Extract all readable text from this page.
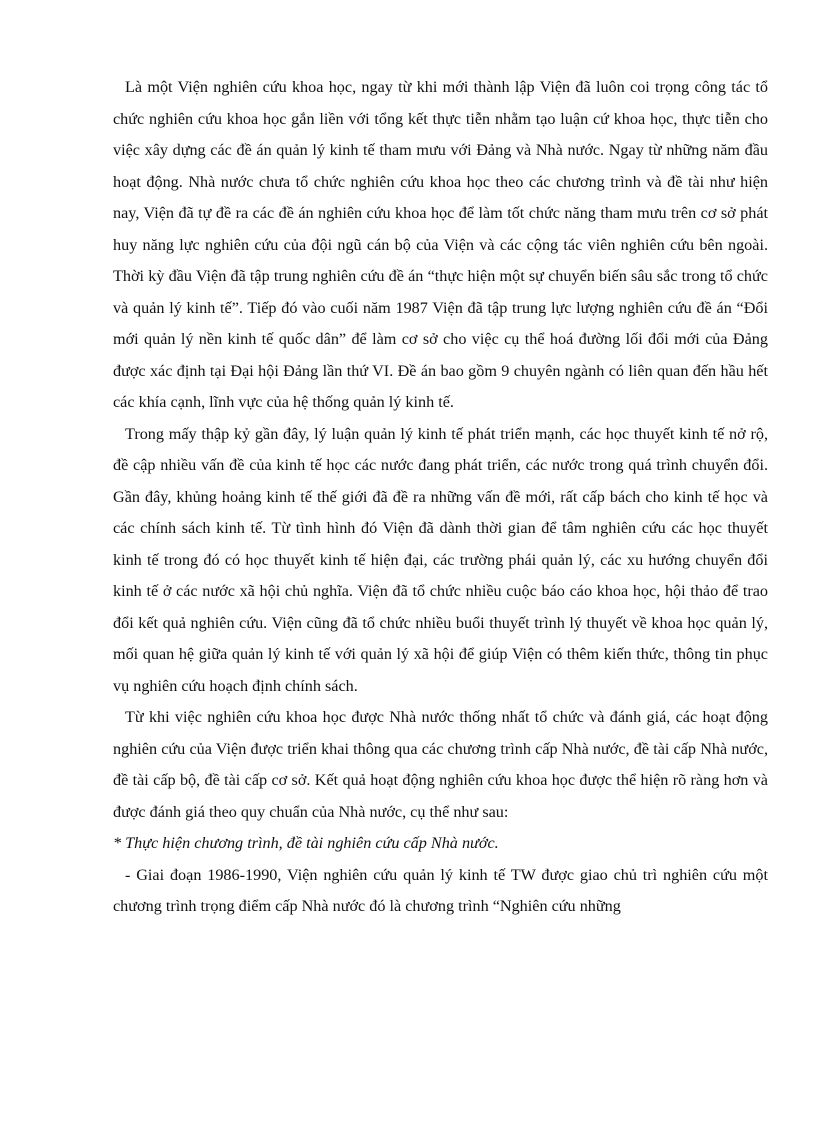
Là một Viện nghiên cứu khoa học, ngay từ khi mới thành lập Viện đã luôn coi trọng công tác tổ chức nghiên cứu khoa học gắn liền với tổng kết thực tiễn nhằm tạo luận cứ khoa học, thực tiễn cho việc xây dựng các đề án quản lý kinh tế tham mưu với Đảng và Nhà nước. Ngay từ những năm đầu hoạt động. Nhà nước chưa tổ chức nghiên cứu khoa học theo các chương trình và đề tài như hiện nay, Viện đã tự đề ra các đề án nghiên cứu khoa học để làm tốt chức năng tham mưu trên cơ sở phát huy năng lực nghiên cứu của đội ngũ cán bộ của Viện và các cộng tác viên nghiên cứu bên ngoài. Thời kỳ đầu Viện đã tập trung nghiên cứu đề án “thực hiện một sự chuyển biến sâu sắc trong tổ chức và quản lý kinh tế”. Tiếp đó vào cuối năm 1987 Viện đã tập trung lực lượng nghiên cứu đề án “Đổi mới quản lý nền kinh tế quốc dân” để làm cơ sở cho việc cụ thể hoá đường lối đổi mới của Đảng được xác định tại Đại hội Đảng lần thứ VI. Đề án bao gồm 9 chuyên ngành có liên quan đến hầu hết các khía cạnh, lĩnh vực của hệ thống quản lý kinh tế.

Trong mấy thập kỷ gần đây, lý luận quản lý kinh tế phát triển mạnh, các học thuyết kinh tế nở rộ, đề cập nhiều vấn đề của kinh tế học các nước đang phát triển, các nước trong quá trình chuyển đổi. Gần đây, khủng hoảng kinh tế thế giới đã đề ra những vấn đề mới, rất cấp bách cho kinh tế học và các chính sách kinh tế. Từ tình hình đó Viện đã dành thời gian để tâm nghiên cứu các học thuyết kinh tế trong đó có học thuyết kinh tế hiện đại, các trường phái quản lý, các xu hướng chuyển đổi kinh tế ở các nước xã hội chủ nghĩa. Viện đã tổ chức nhiều cuộc báo cáo khoa học, hội thảo để trao đổi kết quả nghiên cứu. Viện cũng đã tổ chức nhiều buổi thuyết trình lý thuyết về khoa học quản lý, mối quan hệ giữa quản lý kinh tế với quản lý xã hội để giúp Viện có thêm kiến thức, thông tin phục vụ nghiên cứu hoạch định chính sách.

Từ khi việc nghiên cứu khoa học được Nhà nước thống nhất tổ chức và đánh giá, các hoạt động nghiên cứu của Viện được triển khai thông qua các chương trình cấp Nhà nước, đề tài cấp Nhà nước, đề tài cấp bộ, đề tài cấp cơ sở. Kết quả hoạt động nghiên cứu khoa học được thể hiện rõ ràng hơn và được đánh giá theo quy chuẩn của Nhà nước, cụ thể như sau:

* Thực hiện chương trình, đề tài nghiên cứu cấp Nhà nước.

- Giai đoạn 1986-1990, Viện nghiên cứu quản lý kinh tế TW được giao chủ trì nghiên cứu một chương trình trọng điểm cấp Nhà nước đó là chương trình “Nghiên cứu những
